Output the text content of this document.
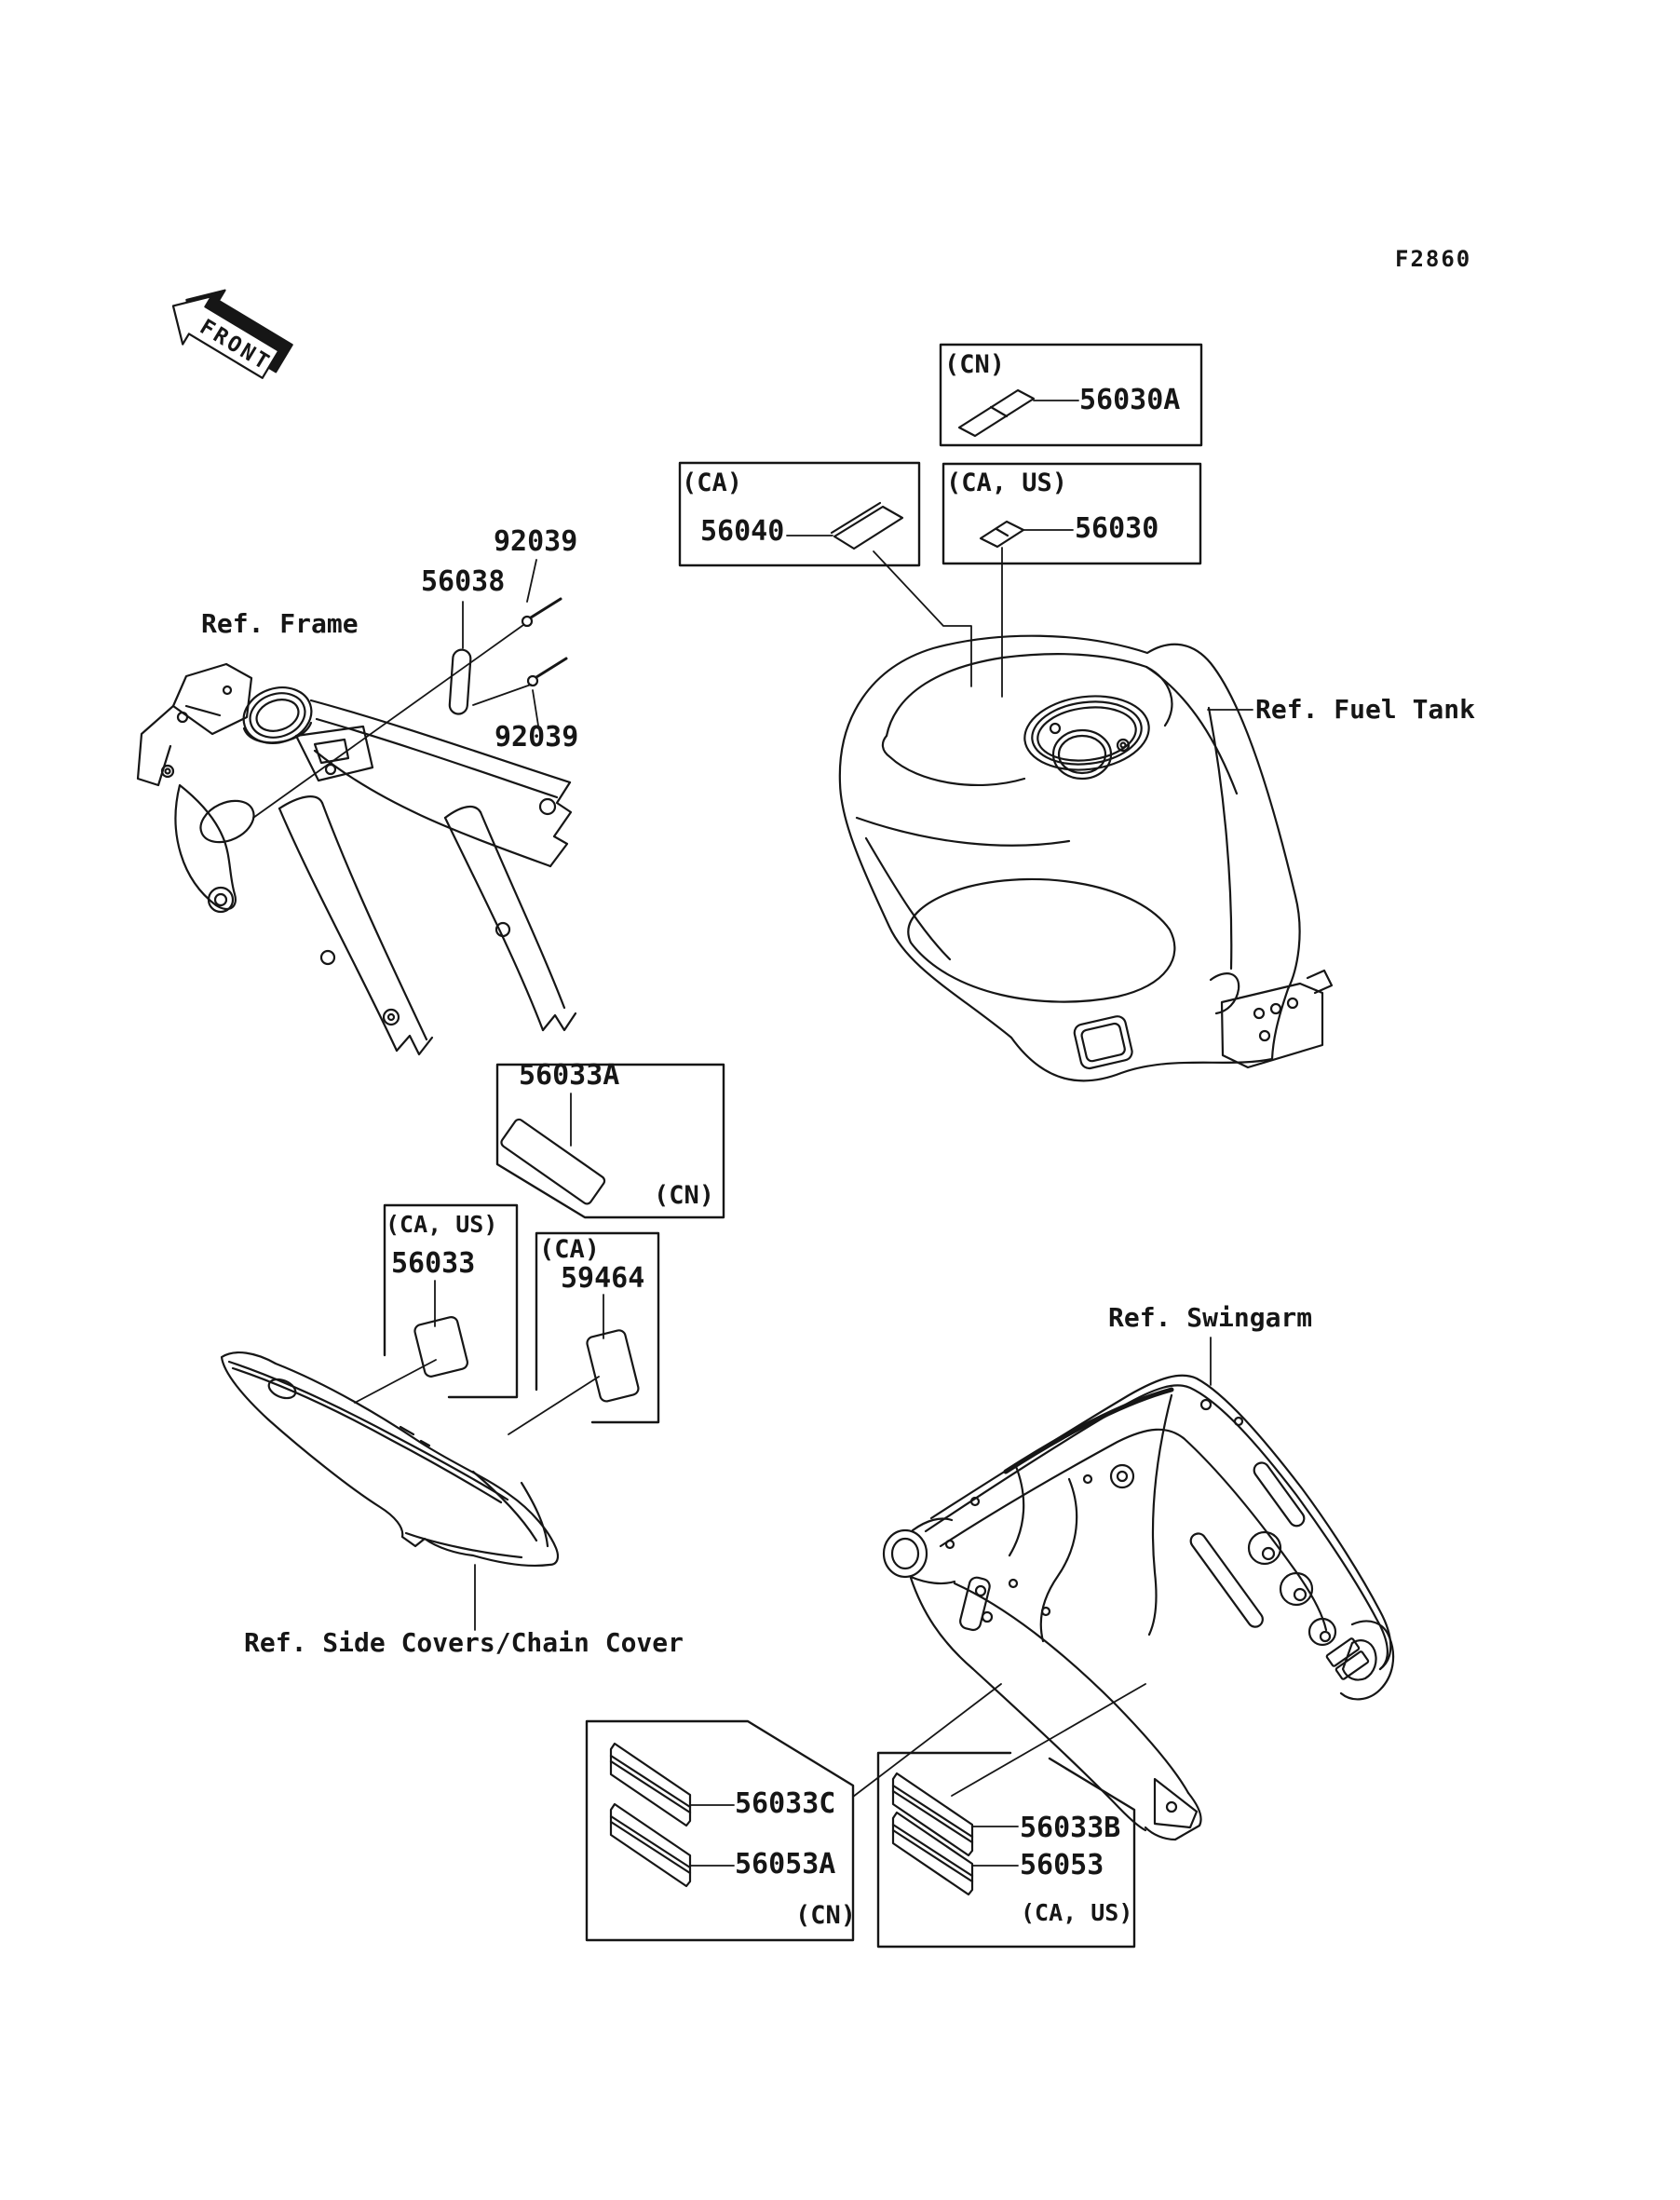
FRONT
F2860
92039
56038
Ref. Frame
92039
(CN)
56030A
(CA)
56040
(CA, US)
56030
Ref. Fuel Tank
56033A
(CN)
(CA, US)
56033	(CA)
59464
Ref. Swingarm
Ref. Side Covers/Chain Cover
56033C
56053A
(CN)
56033B
56053
(CA, US)
